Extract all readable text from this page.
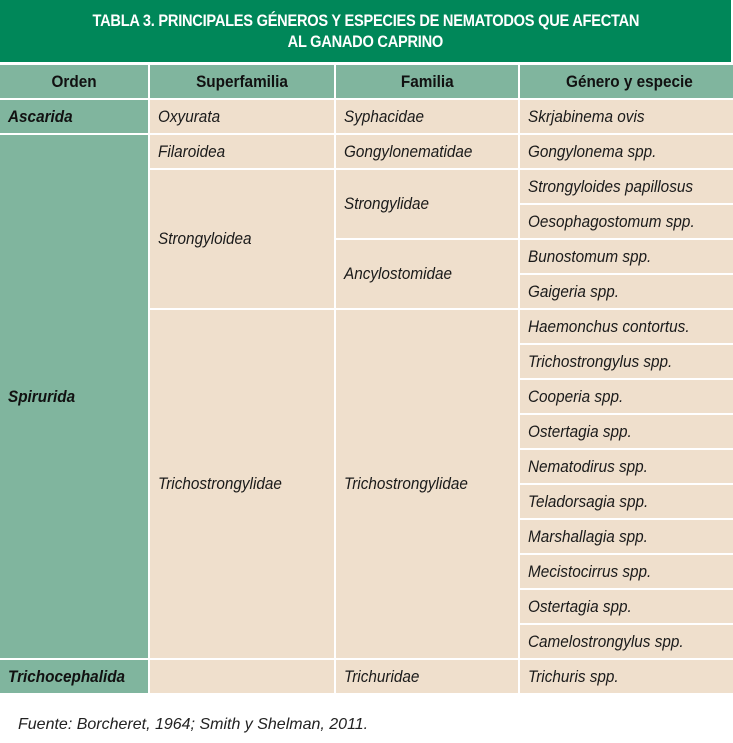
TABLA 3. PRINCIPALES GÉNEROS Y ESPECIES DE NEMATODOS QUE AFECTAN
AL GANADO CAPRINO
Orden	Superfamilia	Familia	Género y especie
Ascarida	Oxyurata	Syphacidae	Skrjabinema ovis
Spirurida	Filaroidea	Gongylonematidae	Gongylonema spp.
	Strongyloidea	Strongylidae	Strongyloides papillosus
			Oesophagostomum spp.
		Ancylostomidae	Bunostomum spp.
			Gaigeria spp.
	Trichostrongylidae	Trichostrongylidae	Haemonchus contortus.
			Trichostrongylus spp.
			Cooperia spp.
			Ostertagia spp.
			Nematodirus spp.
			Teladorsagia spp.
			Marshallagia spp.
			Mecistocirrus spp.
			Ostertagia spp.
			Camelostrongylus spp.
Trichocephalida		Trichuridae	Trichuris spp.
Fuente: Borcheret, 1964; Smith y Shelman, 2011.
